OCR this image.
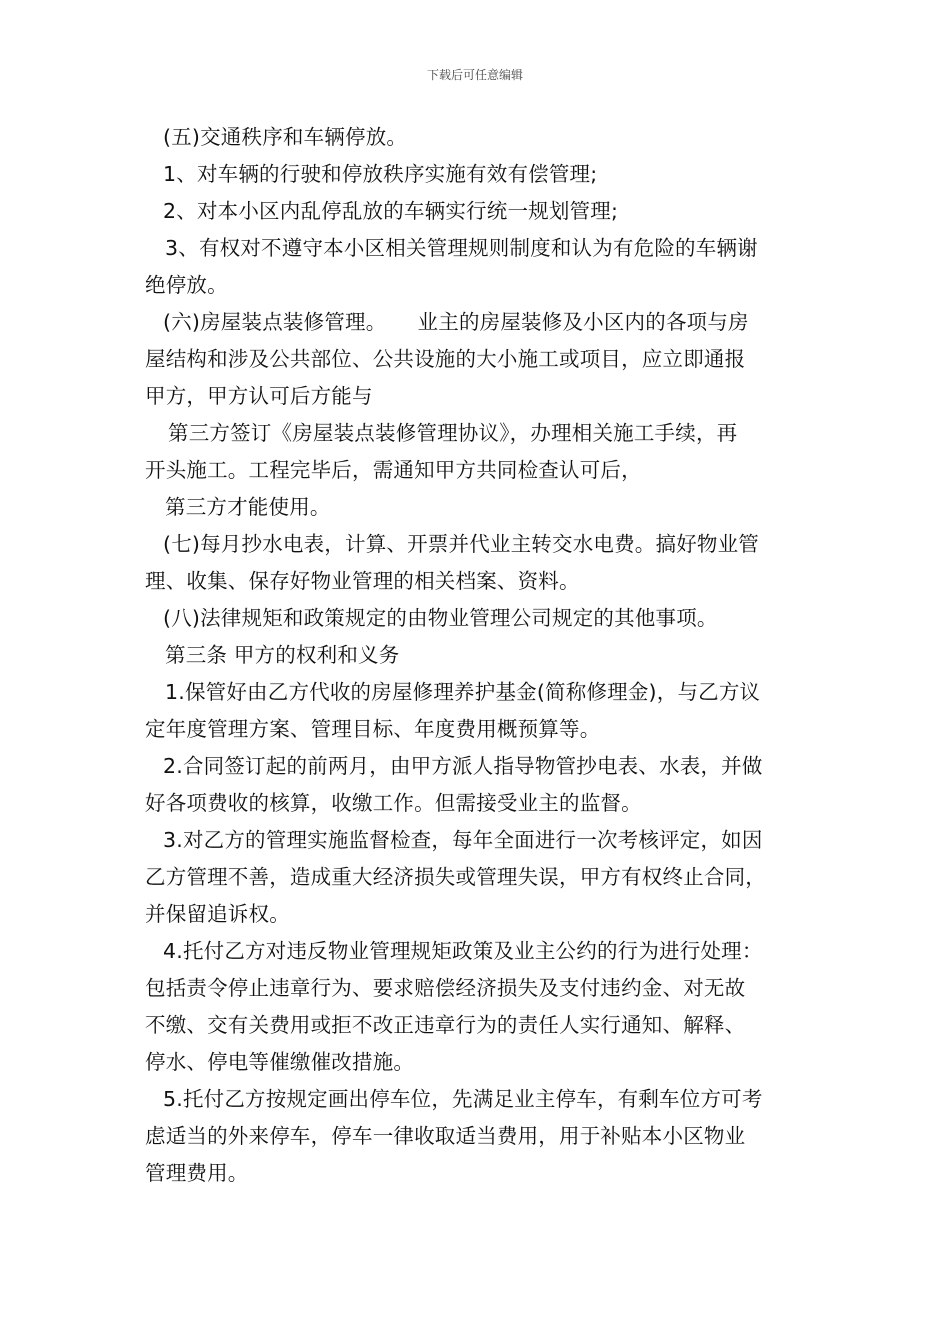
下载后可任意编辑
(五)交通秩序和车辆停放。
1、对车辆的行驶和停放秩序实施有效有偿管理;
2、对本小区内乱停乱放的车辆实行统一规划管理;
3、有权对不遵守本小区相关管理规则制度和认为有危险的车辆谢
绝停放。
(六)房屋装点装修管理。　　业主的房屋装修及小区内的各项与房
屋结构和涉及公共部位、公共设施的大小施工或项目，应立即通报
甲方，甲方认可后方能与
第三方签订《房屋装点装修管理协议》，办理相关施工手续，再
开头施工。工程完毕后，需通知甲方共同检查认可后，
第三方才能使用。
(七)每月抄水电表，计算、开票并代业主转交水电费。搞好物业管
理、收集、保存好物业管理的相关档案、资料。
(八)法律规矩和政策规定的由物业管理公司规定的其他事项。
第三条 甲方的权利和义务
1.保管好由乙方代收的房屋修理养护基金(简称修理金)，与乙方议
定年度管理方案、管理目标、年度费用概预算等。
2.合同签订起的前两月，由甲方派人指导物管抄电表、水表，并做
好各项费收的核算，收缴工作。但需接受业主的监督。
3.对乙方的管理实施监督检查，每年全面进行一次考核评定，如因
乙方管理不善，造成重大经济损失或管理失误，甲方有权终止合同，
并保留追诉权。
4.托付乙方对违反物业管理规矩政策及业主公约的行为进行处理：
包括责令停止违章行为、要求赔偿经济损失及支付违约金、对无故
不缴、交有关费用或拒不改正违章行为的责任人实行通知、解释、
停水、停电等催缴催改措施。
5.托付乙方按规定画出停车位，先满足业主停车，有剩车位方可考
虑适当的外来停车，停车一律收取适当费用，用于补贴本小区物业
管理费用。
